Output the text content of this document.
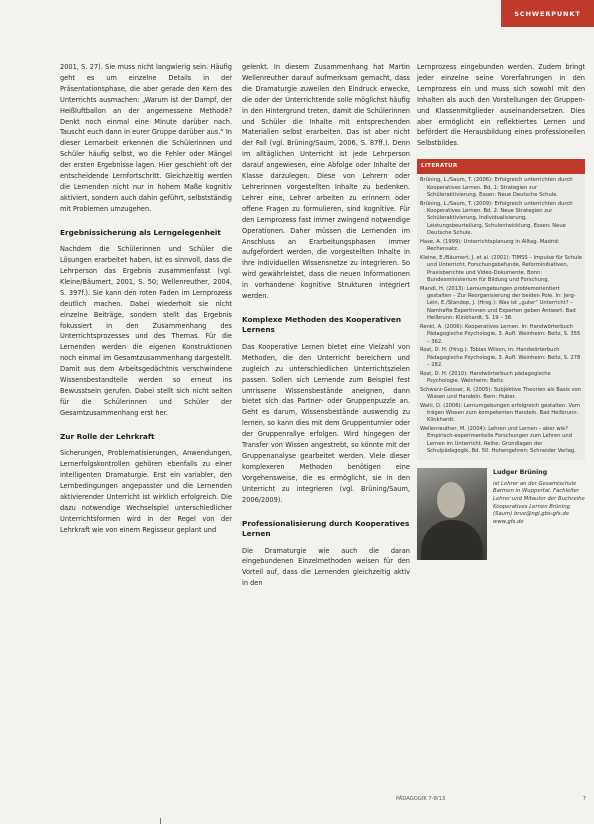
SCHWERPUNKT

2001, S. 27). Sie muss nicht langwierig sein. Häufig geht es um einzelne Details in der Präsentationsphase, die aber gerade den Kern des Unterrichts ausmachen: „Warum ist der Dampf, der Heißluftballon an der angemessene Methode? Denkt noch einmal eine Minute darüber nach. Tauscht euch dann in eurer Gruppe darüber aus.“ In dieser Lernarbeit erkennen die Schülerinnen und Schüler häufig selbst, wo die Fehler oder Mängel der ersten Ergebnisse lagen. Hier geschieht oft der entscheidende Lernfortschritt. Gleichzeitig werden die Lernenden nicht nur in hohem Maße kognitiv aktiviert, sondern auch dahin geführt, selbstständig mit Problemen umzugehen.

Ergebnissicherung als Lerngelegenheit

Nachdem die Schülerinnen und Schüler die Lösungen erarbeitet haben, ist es sinnvoll, dass die Lehrperson das Ergebnis zusammenfasst (vgl. Kleine/Bäumert, 2001, S. 50; Wellenreuther, 2004, S. 397f.). Sie kann den roten Faden im Lernprozess deutlich machen. Dabei wiederholt sie nicht einzelne Beiträge, sondern stellt das Ergebnis fokussiert in den Zusammenhang des Unterrichtsprozesses und des Themas. Für die Lernenden werden die eigenen Konstruktionen noch einmal im Gesamtzusammenhang dargestellt. Damit aus dem Arbeitsgedächtnis verschwindene Wissensbestandteile werden so erneut ins Bewusstsein gerufen. Dabei stellt sich nicht selten für die Schülerinnen und Schüler der Gesamtzusammenhang erst her.

Zur Rolle der Lehrkraft

Sicherungen, Problematisierungen, Anwendungen, Lernerfolgskontrollen gehören ebenfalls zu einer intelligenten Dramaturgie. Erst ein variabler, den Lernbedingungen angepasster und die Lernenden aktivierender Unterricht ist wirklich erfolgreich. Die dazu notwendige Wechselspiel unterschiedlicher Unterrichtsformen wird in der Regel von der Lehrkraft wie von einem Regisseur geplant und

gelenkt. In diesem Zusammenhang hat Martin Wellenreuther darauf aufmerksam gemacht, dass die Dramaturgie zuweilen den Eindruck erwecke, die oder der Unterrichtende solle möglichst häufig in den Hintergrund treten, damit die Schülerinnen und Schüler die Inhalte mit entsprechenden Materialien selbst erarbeiten. Das ist aber nicht der Fall (vgl. Brüning/Saum, 2006, S. 87ff.). Denn im alltäglichen Unterricht ist jede Lehrperson darauf angewiesen, eine Abfolge oder Inhalte der Klasse darzulegen. Diese von Lehrern oder Lehrerinnen vorgestellten Inhalte zu bedenken. Lehrer eine, Lehrer arbeiten zu erinnern oder offene Fragen zu formulieren, sind kognitive. Für den Lernprozess fast immer zwingend notwendige Operationen. Daher müssen die Lernenden im Anschluss an Erarbeitungsphasen immer aufgefordert werden, die vorgestellten Inhalte in ihre individuellen Wissensnetze zu integrieren. So wird gewährleistet, dass die neuen Informationen in vorhandene kognitive Strukturen integriert werden.

Komplexe Methoden des Kooperativen Lernens

Das Kooperative Lernen bietet eine Vielzahl von Methoden, die den Unterricht bereichern und zugleich zu unterschiedlichen Unterrichtszielen passen. Sollen sich Lernende zum Beispiel fest umrissene Wissensbestände aneignen, dann bietet sich das Partner- oder Gruppenpuzzle an. Geht es darum, Wissensbestände auswendig zu lernen, so kann dies mit dem Gruppenturnier oder der Gruppenrallye erfolgen. Wird hingegen der Transfer von Wissen angestrebt, so könnte mit der Gruppenanalyse gearbeitet werden. Viele dieser komplexeren Methoden benötigen eine Vorgehensweise, die es ermöglicht, sie in den Unterricht zu integrieren (vgl. Brüning/Saum, 2006/2009).

Professionalisierung durch Kooperatives Lernen

Die Dramaturgie wie auch die daran eingebundenen Einzelmethoden weisen für den Vorteil auf, dass die Lernenden gleichzeitig aktiv in den

Lernprozess eingebunden werden. Zudem bringt jeder einzelne seine Vorerfahrungen in den Lernprozess ein und muss sich sowohl mit den Inhalten als auch den Vorstellungen der Gruppen- und Klassenmitglieder auseinandersetzen. Dies aber ermöglicht ein reflektiertes Lernen und befördert die Herausbildung eines professionellen Selbstbildes.

LITERATUR
Brüning, L./Saum, T. (2006): Erfolgreich unterrichten durch Kooperatives Lernen. Bd. 1: Strategien zur Schüleraktivierung. Essen: Neue Deutsche Schule.
Brüning, L./Saum, T. (2009): Erfolgreich unterrichten durch Kooperatives Lernen. Bd. 2: Neue Strategien zur Schüleraktivierung, Individualisierung, Leistungsbeurteilung, Schulentwicklung. Essen: Neue Deutsche Schule.
Hase, A. (1999): Unterrichtsplanung in Alltag. Madrid: Rechensatz.
Kleine, E./Bäumert, J. et al. (2001): TIMSS – Impulse für Schule und Unterricht. Forschungsbefunde, Reforminitiativen, Praxisberichte und Video-Dokumente. Bonn: Bundesministerium für Bildung und Forschung.
Mandl, H. (2013): Lernumgebungen problemorientiert gestalten – Zur Reorganisierung der beiden Pole. In: Jerg-Lein, E./Standop, J. (Hrsg.): Was ist „guter“ Unterricht? – Namhafte Expertinnen und Experten geben Antwort. Bad Heilbrunn: Klinkhardt, S. 19 – 38.
Renkl, A. (2006): Kooperatives Lernen. In: Handwörterbuch Pädagogische Psychologie, 3. Aufl. Weinheim: Beltz, S. 355 – 362.
Rost, D. H. (Hrsg.): Tobias Wilson, in: Handwörterbuch Pädagogische Psychologie, 3. Aufl. Weinheim: Beltz, S. 278 – 282.
Rost, D. H. (2010): Handwörterbuch pädagogische Psychologie. Weinheim: Beltz.
Schwarz-Geisser, R. (2005): Subjektive Theorien als Basis von Wissen und Handeln. Bern: Huber.
Wahl, D. (2006): Lernumgebungen erfolgreich gestalten. Vom trägen Wissen zum kompetenten Handeln. Bad Heilbrunn: Klinkhardt.
Wellenreuther, M. (2004): Lehren und Lernen – aber wie? Empirisch-experimentelle Forschungen zum Lehren und Lernen im Unterricht. Reihe: Grundlagen der Schulpädagogik, Bd. 50. Hohengehren: Schneider Verlag.
Ludger Brüning
ist Lehrer an der Gesamtschule Barmen in Wuppertal, Fachleiter Lehrer und Mitautor der Buchreihe Kooperatives Lernen Brüning (Saum) brue@ngl.gbs-gfs.de www.gfs.de
PÄDAGOGIK 7-8/13	7
